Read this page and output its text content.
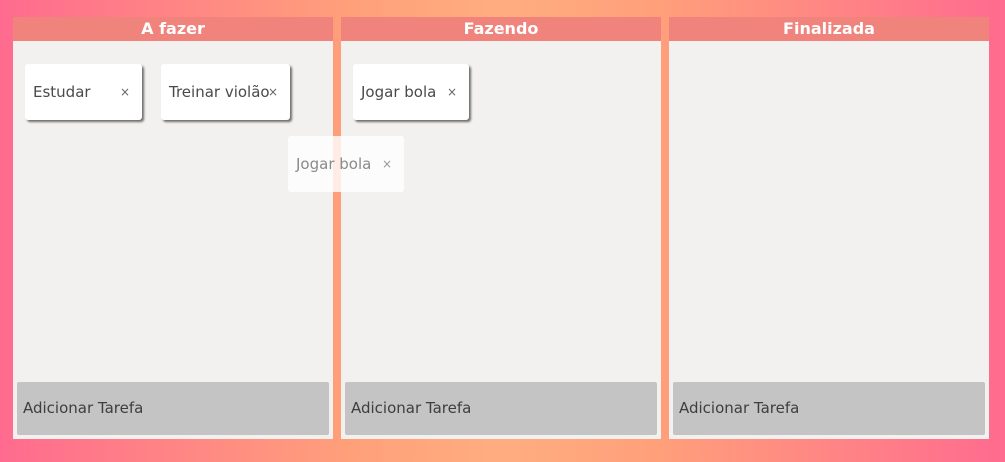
A fazer
Estudar ×	Treinar violão
×
Adicionar Tarefa
Fazendo
Jogar bola ×
Adicionar Tarefa
Finalizada
Adicionar Tarefa
Jogar bola ×
